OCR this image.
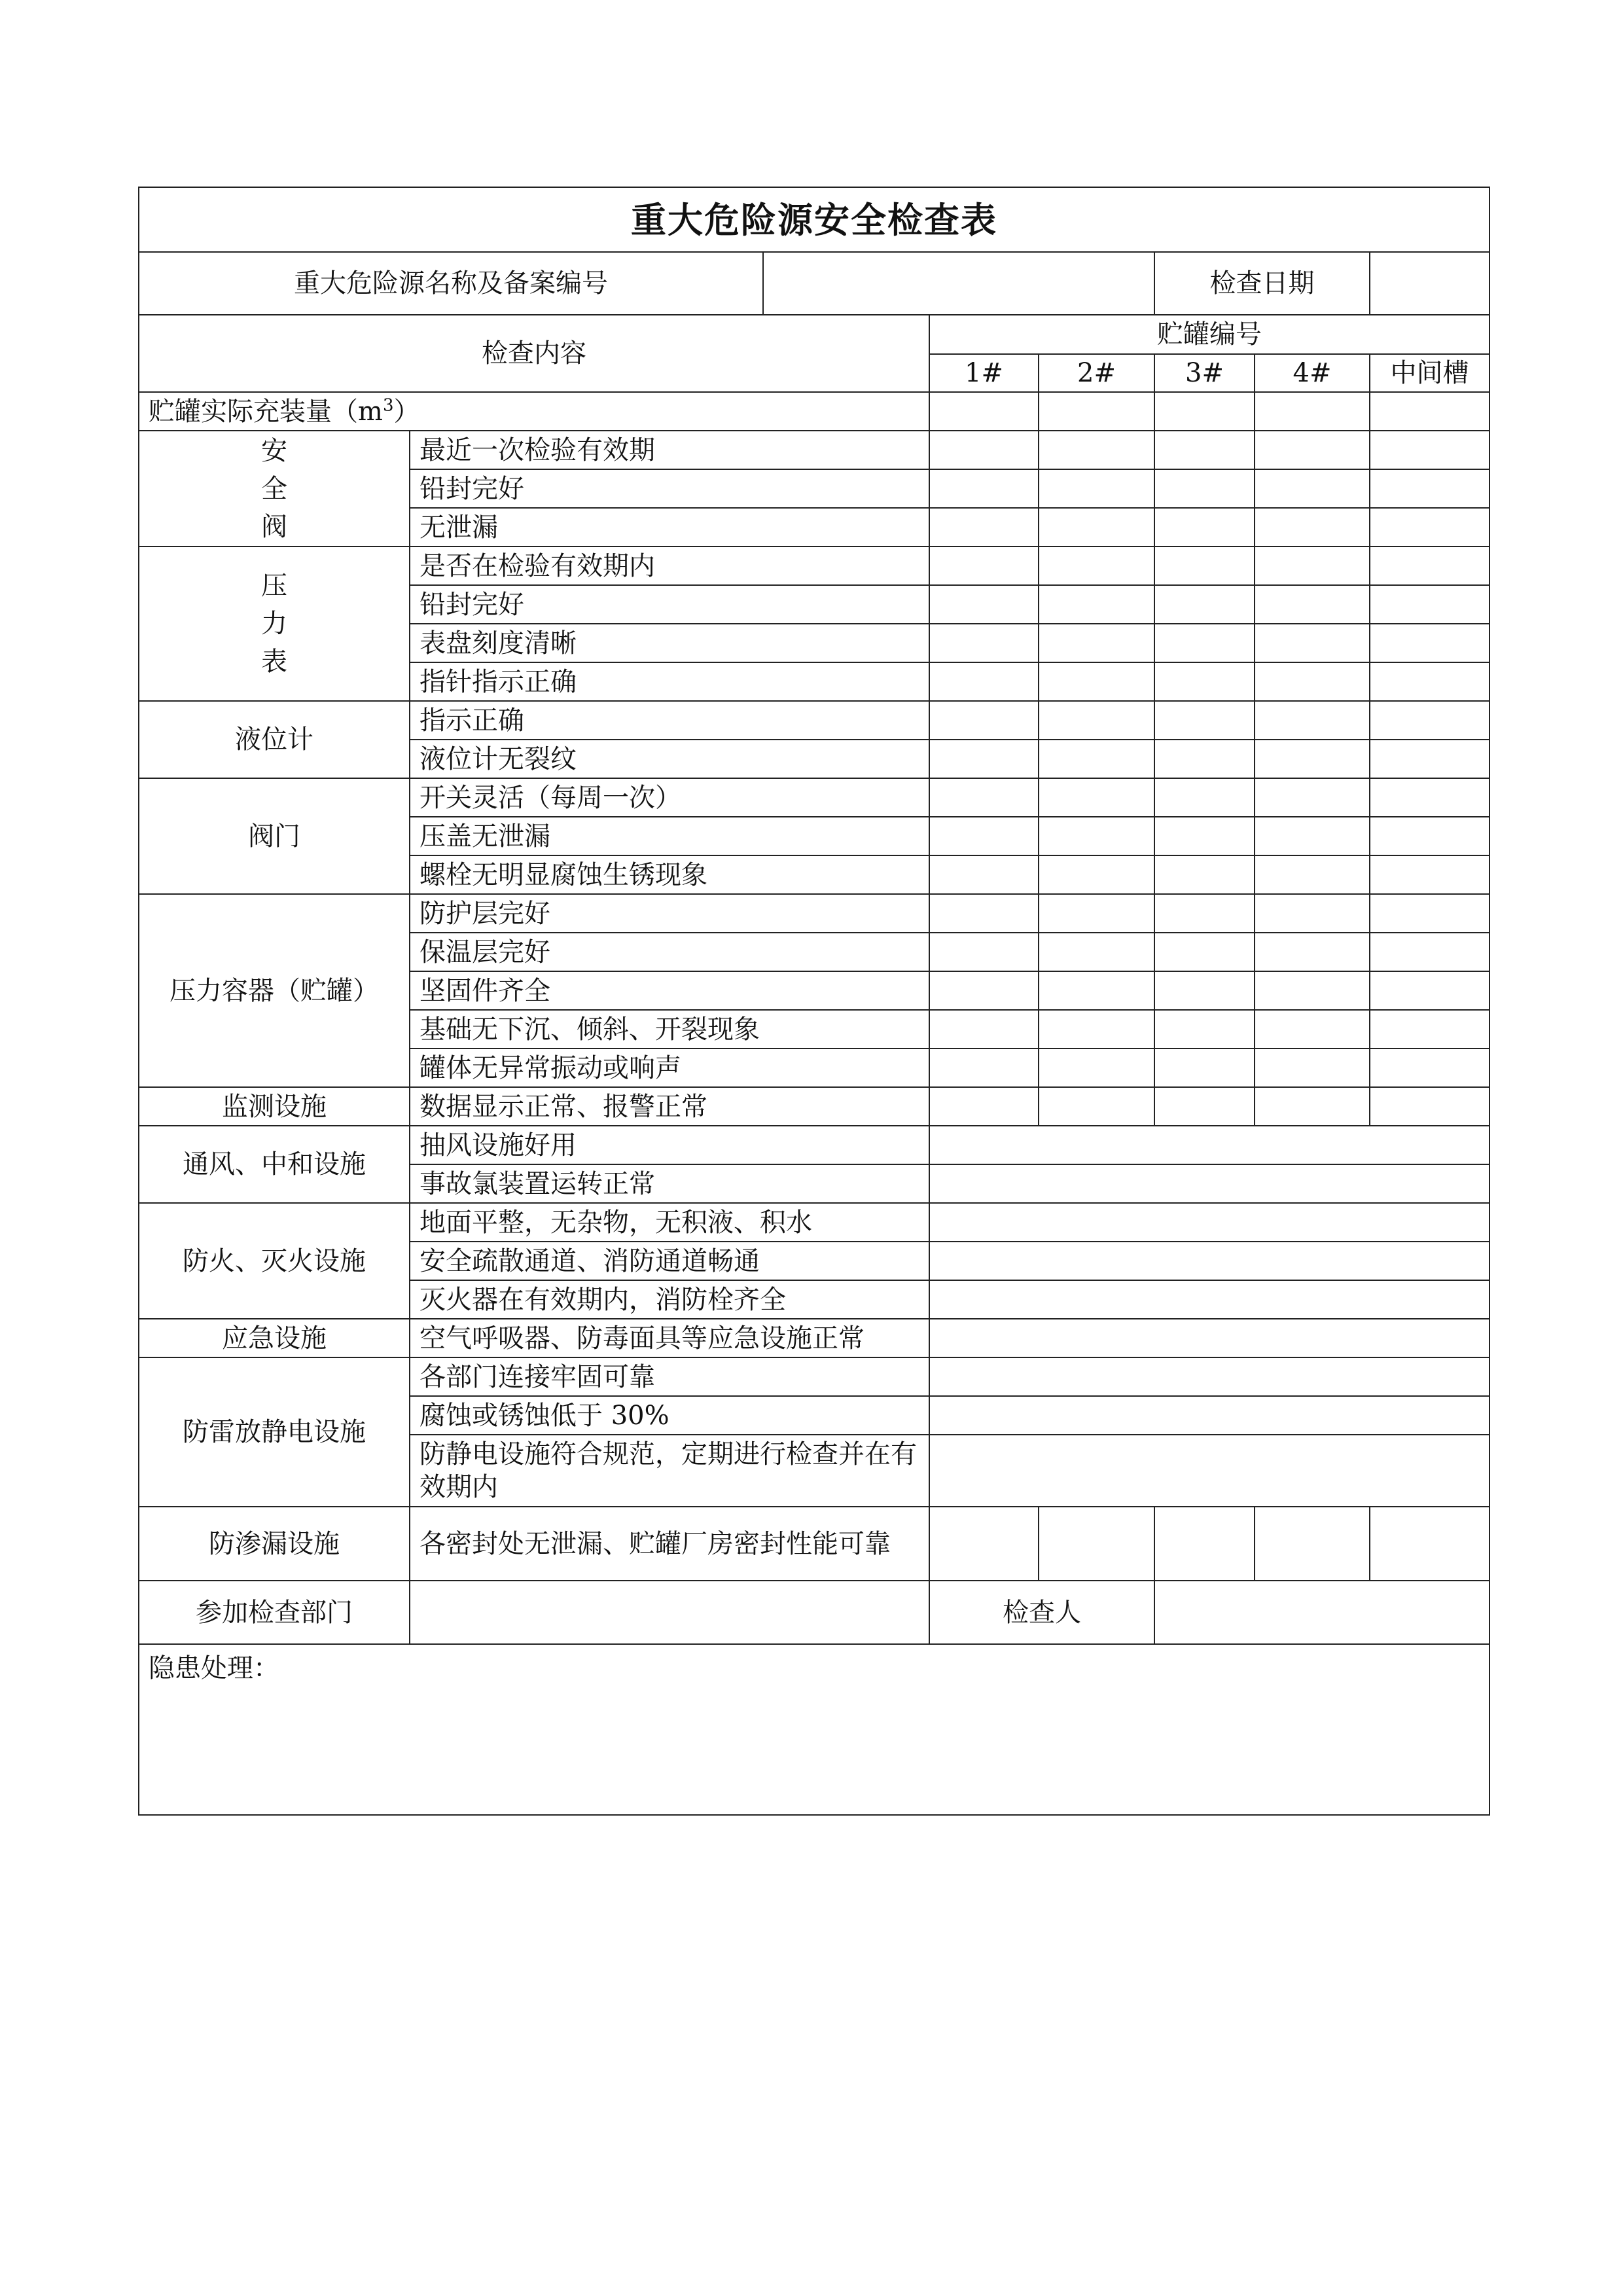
重大危险源安全检查表							
重大危险源名称及备案编号					检查日期		
检查内容			贮罐编号				
			1#	2#	3#	4#	中间槽
贮罐实际充装量$(m^3)$							

安
全
阀	最近一次检验有效期						
	铅封完好						
	无泄漏						

压
力
表	是否在检验有效期内						
	铅封完好						
	表盘刻度清晰						
	指针指示正确						
液位计	指示正确						
	液位计无裂纹						
阀门	开关灵活（每周一次）						
	压盖无泄漏						
	螺栓无明显腐蚀生锈现象						
压力容器（贮罐）	防护层完好						
	保温层完好						
	坚固件齐全						
	基础无下沉、倾斜、开裂现象						
	罐体无异常振动或响声						
监测设施	数据显示正常、报警正常						
通风、中和设施	抽风设施好用						
	事故氯装置运转正常						
防火、灭火设施	地面平整，无杂物，无积液、积水						
	安全疏散通道、消防通道畅通						
	灭火器在有效期内，消防栓齐全						
应急设施	空气呼吸器、防毒面具等应急设施正常						
防雷放静电设施	各部门连接牢固可靠						
	腐蚀或锈蚀低于 30%						
	防静电设施符合规范，定期进行检查并在有效期内						
防渗漏设施	各密封处无泄漏、贮罐厂房密封性能可靠						
参加检查部门			检查人				
隐患处理：							
